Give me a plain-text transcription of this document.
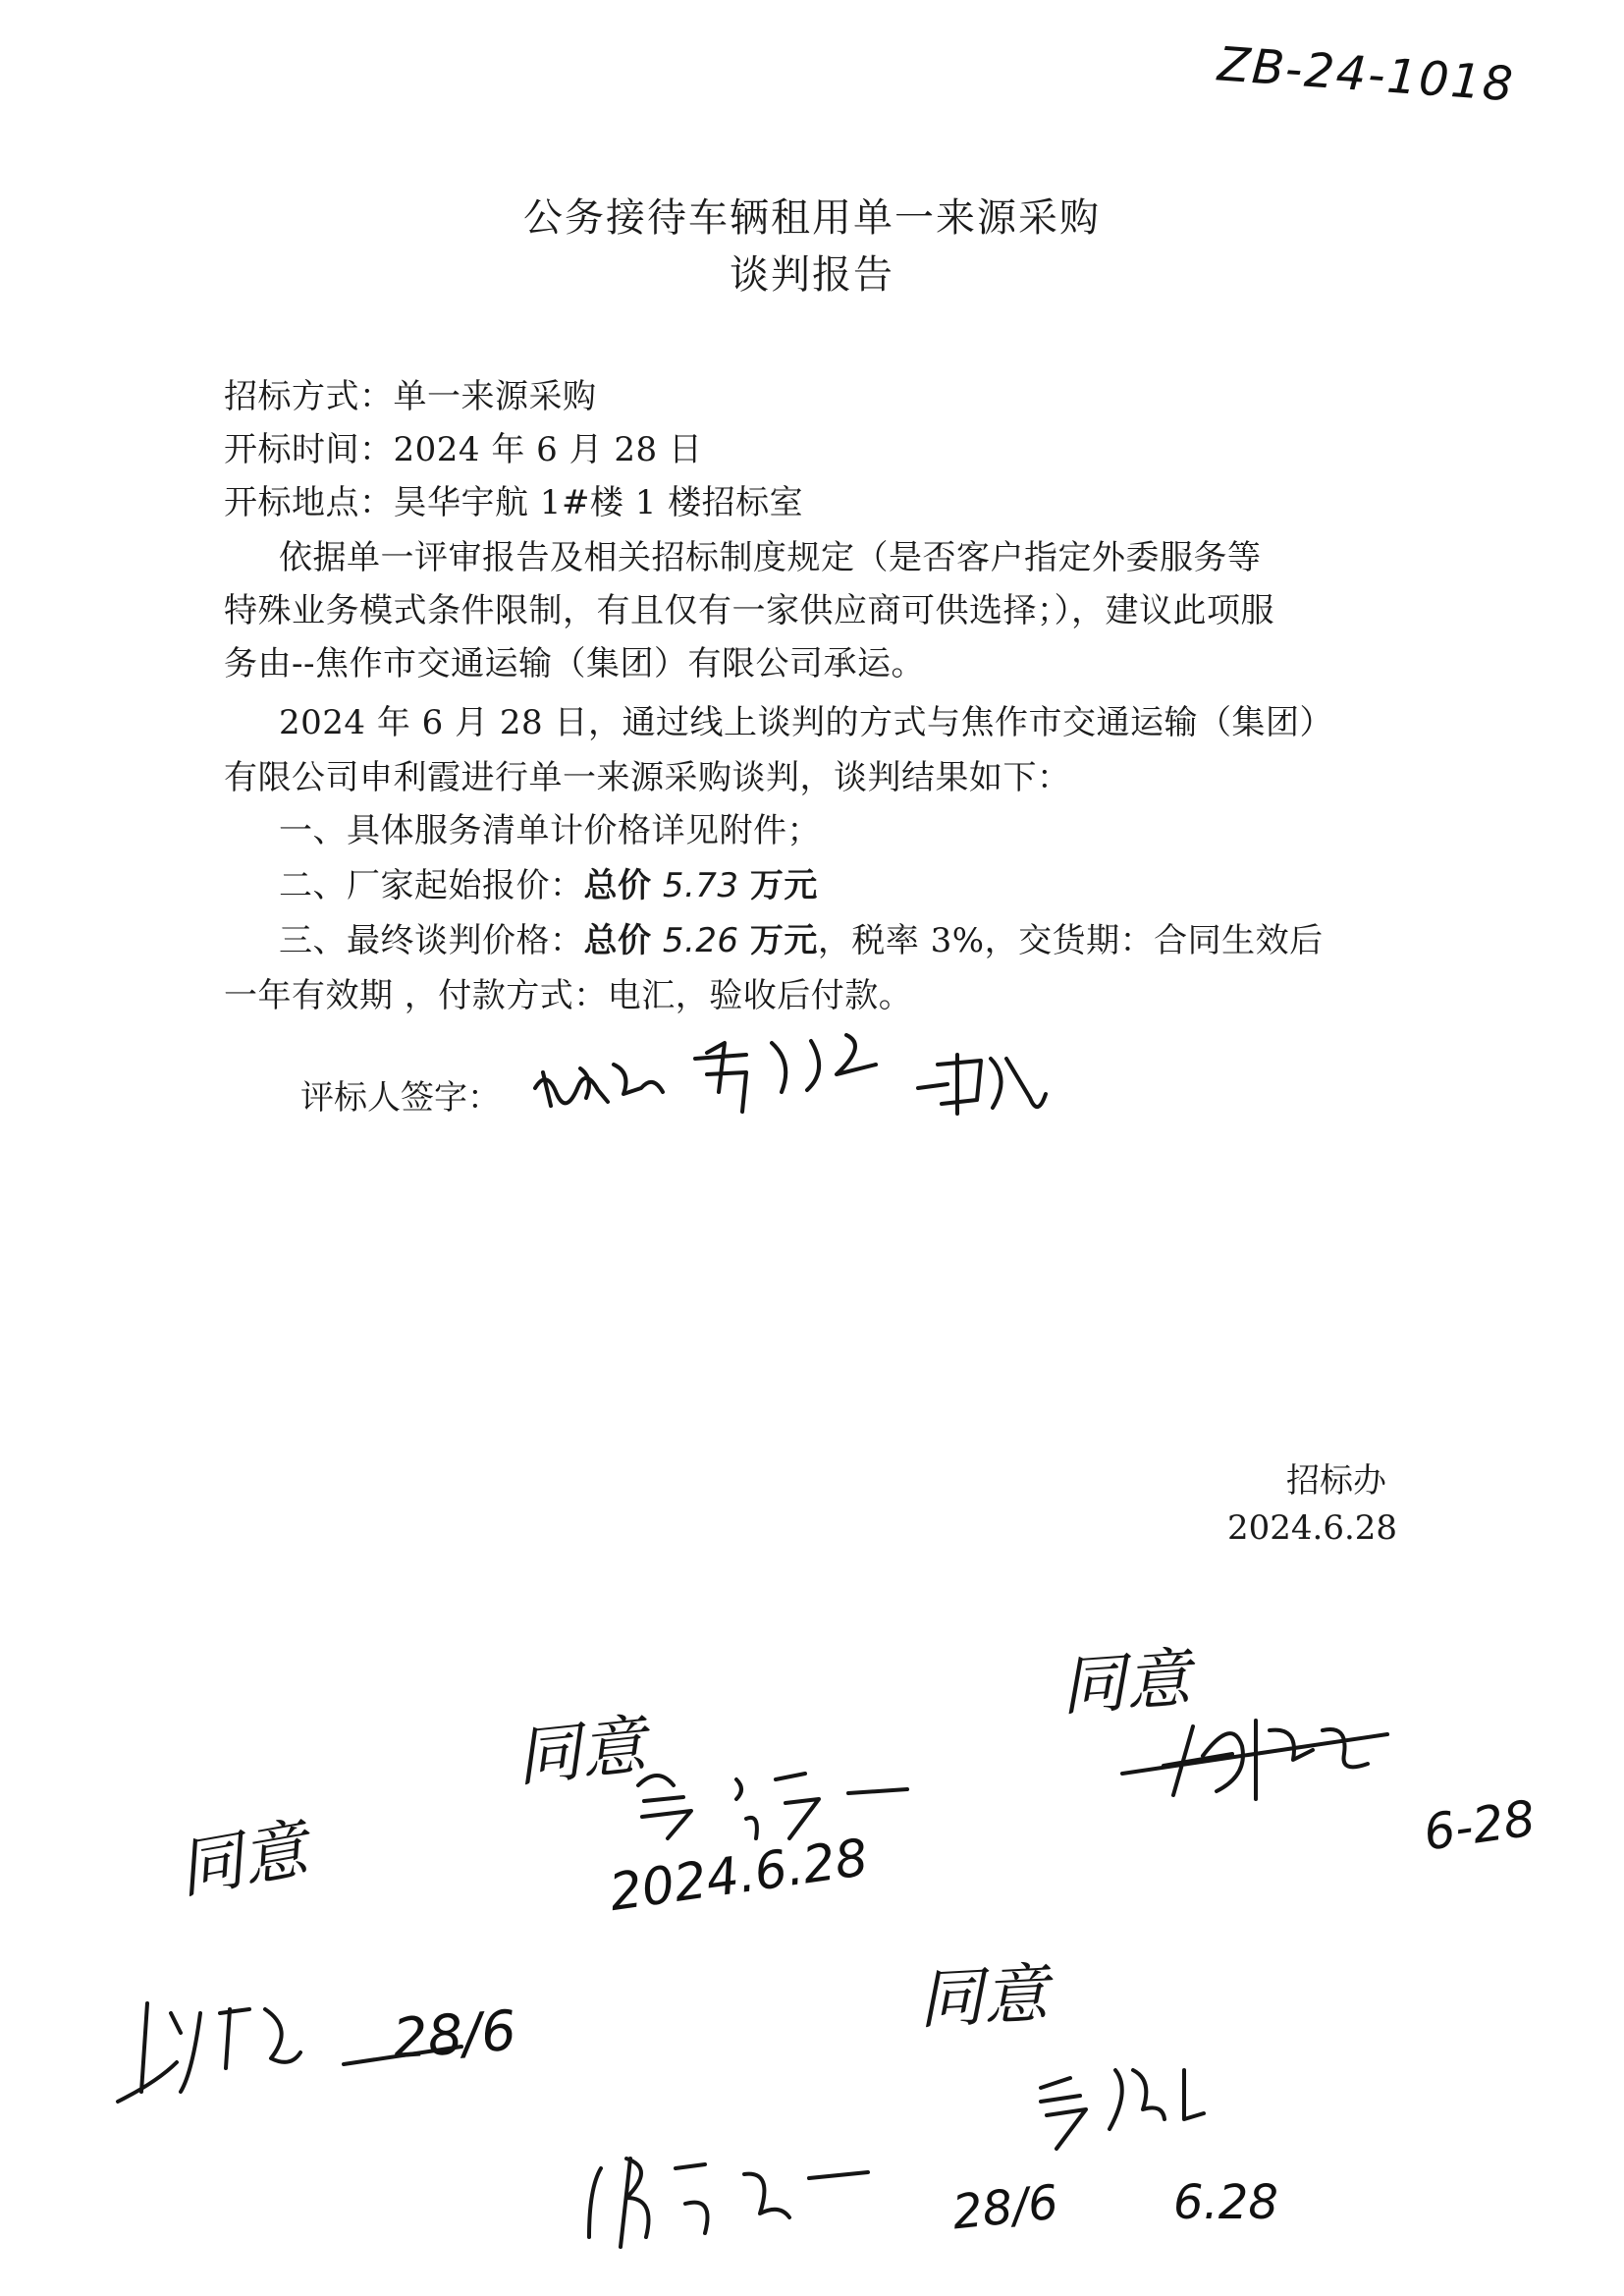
ZB-24-1018
公务接待车辆租用单一来源采购
谈判报告
招标方式：单一来源采购
开标时间：2024 年 6 月 28 日
开标地点：昊华宇航 1#楼 1 楼招标室
依据单一评审报告及相关招标制度规定（是否客户指定外委服务等
特殊业务模式条件限制，有且仅有一家供应商可供选择；），建议此项服
务由--焦作市交通运输（集团）有限公司承运。
2024 年 6 月 28 日，通过线上谈判的方式与焦作市交通运输（集团）
有限公司申利霞进行单一来源采购谈判，谈判结果如下：
一、具体服务清单计价格详见附件；
二、厂家起始报价：总价 5.73 万元
三、最终谈判价格：总价 5.26 万元，税率 3%，交货期：合同生效后
一年有效期 ，付款方式：电汇，验收后付款。
评标人签字：
招标办
2024.6.28
同意
同意
同意
同意
2024.6.28
6-28
28/6
6.28
28/6
